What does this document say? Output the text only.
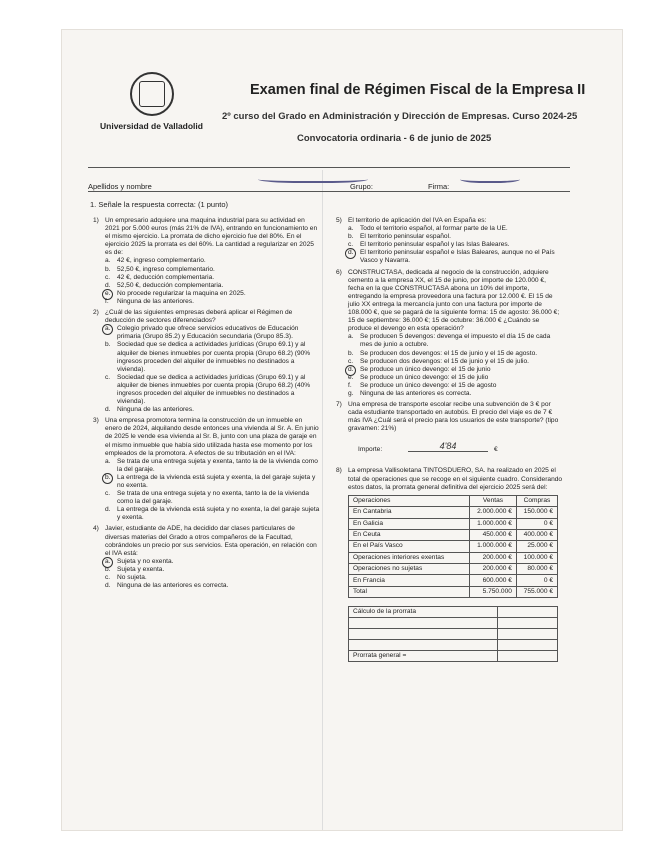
Universidad de Valladolid
Examen final de Régimen Fiscal de la Empresa II
2º curso del Grado en Administración y Dirección de Empresas. Curso 2024-25
Convocatoria ordinaria - 6 de junio de 2025
Apellidos y nombre	Grupo:	Firma:
1. Señale la respuesta correcta: (1 punto)
1) Un empresario adquiere una maquina industrial para su actividad en 2021 por 5.000 euros (más 21% de IVA), entrando en funcionamiento en el mismo ejercicio. La prorrata de dicho ejercicio fue del 80%. En el ejercicio 2025 la prorrata es del 60%. La cantidad a regularizar en 2025 es de:
a. 42 €, ingreso complementario.
b. 52,50 €, ingreso complementario.
c. 42 €, deducción complementaria.
d. 52,50 €, deducción complementaria.
e. No procede regularizar la maquina en 2025.
f. Ninguna de las anteriores.
2) ¿Cuál de las siguientes empresas deberá aplicar el Régimen de deducción de sectores diferenciados?
a. Colegio privado que ofrece servicios educativos de Educación primaria (Grupo 85.2) y Educación secundaria (Grupo 85.3).
b. Sociedad que se dedica a actividades jurídicas (Grupo 69.1) y al alquiler de bienes inmuebles por cuenta propia (Grupo 68.2) (90% ingresos proceden del alquiler de inmuebles no destinados a vivienda).
c. Sociedad que se dedica a actividades jurídicas (Grupo 69.1) y al alquiler de bienes inmuebles por cuenta propia (Grupo 68.2) (40% ingresos proceden del alquiler de inmuebles no destinados a vivienda).
d. Ninguna de las anteriores.
3) Una empresa promotora termina la construcción de un inmueble en enero de 2024, alquilando desde entonces una vivienda al Sr. A. En junio de 2025 le vende esa vivienda al Sr. B, junto con una plaza de garaje en el mismo inmueble que había sido utilizada hasta ese momento por los empleados de la promotora. A efectos de su tributación en el IVA:
a. Se trata de una entrega sujeta y exenta, tanto la de la vivienda como la del garaje.
b. La entrega de la vivienda está sujeta y exenta, la del garaje sujeta y no exenta.
c. Se trata de una entrega sujeta y no exenta, tanto la de la vivienda como la del garaje.
d. La entrega de la vivienda está sujeta y no exenta, la del garaje sujeta y exenta.
4) Javier, estudiante de ADE, ha decidido dar clases particulares de diversas materias del Grado a otros compañeros de la Facultad, cobrándoles un precio por sus servicios. Esta operación, en relación con el IVA está:
a. Sujeta y no exenta.
b. Sujeta y exenta.
c. No sujeta.
d. Ninguna de las anteriores es correcta.
5) El territorio de aplicación del IVA en España es:
a. Todo el territorio español, al formar parte de la UE.
b. El territorio peninsular español.
c. El territorio peninsular español y las Islas Baleares.
d. El territorio peninsular español e Islas Baleares, aunque no el País Vasco y Navarra.
6) CONSTRUCTASA, dedicada al negocio de la construcción, adquiere cemento a la empresa XX, el 15 de junio, por importe de 120.000 €, fecha en la que CONSTRUCTASA abona un 10% del importe, entregando la empresa proveedora una factura por 12.000 €. El 15 de julio XX entrega la mercancía junto con una factura por importe de 108.000 €, que se pagará de la siguiente forma: 15 de agosto: 36.000 €; 15 de septiembre: 36.000 €; 15 de octubre: 36.000 € ¿Cuándo se produce el devengo en esta operación?
a. Se producen 5 devengos: devenga el impuesto el día 15 de cada mes de junio a octubre.
b. Se producen dos devengos: el 15 de junio y el 15 de agosto.
c. Se producen dos devengos: el 15 de junio y el 15 de julio.
d. Se produce un único devengo: el 15 de junio
e. Se produce un único devengo: el 15 de julio
f. Se produce un único devengo: el 15 de agosto
g. Ninguna de las anteriores es correcta.
7) Una empresa de transporte escolar recibe una subvención de 3 € por cada estudiante transportado en autobús. El precio del viaje es de 7 € más IVA ¿Cuál será el precio para los usuarios de este transporte? (tipo gravamen: 21%)
Importe:	4'84	€
8) La empresa Vallisoletana TINTOSDUERO, SA. ha realizado en 2025 el total de operaciones que se recoge en el siguiente cuadro. Considerando estos datos, la prorrata general definitiva del ejercicio 2025 será del:
Operaciones	Ventas	Compras
En Cantabria	2.000.000 €	150.000 €
En Galicia	1.000.000 €	0 €
En Ceuta	450.000 €	400.000 €
En el País Vasco	1.000.000 €	25.000 €
Operaciones interiores exentas	200.000 €	100.000 €
Operaciones no sujetas	200.000 €	80.000 €
En Francia	600.000 €	0 €
Total	5.750.000	755.000 €
Cálculo de la prorrata	

Prorrata general =	
